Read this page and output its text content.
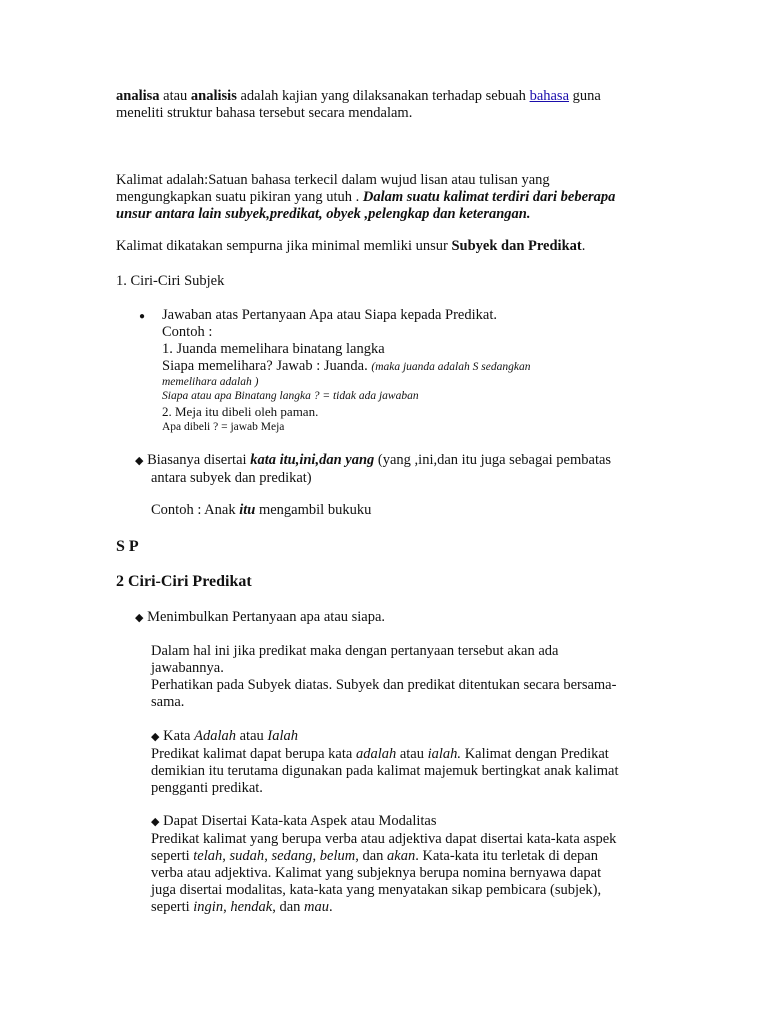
analisa atau analisis adalah kajian yang dilaksanakan terhadap sebuah bahasa guna
meneliti struktur bahasa tersebut secara mendalam.

Kalimat adalah:Satuan bahasa terkecil dalam wujud lisan atau tulisan yang
mengungkapkan suatu pikiran yang utuh . Dalam suatu kalimat terdiri dari beberapa
unsur antara lain subyek,predikat, obyek ,pelengkap dan keterangan.

Kalimat dikatakan sempurna jika minimal memliki unsur Subyek dan Predikat.

1. Ciri-Ciri Subjek

● Jawaban atas Pertanyaan Apa atau Siapa kepada Predikat.
Contoh :
1. Juanda memelihara binatang langka
Siapa memelihara? Jawab : Juanda. (maka juanda adalah S sedangkan
memelihara adalah )
Siapa atau apa Binatang langka ? = tidak ada jawaban
2. Meja itu dibeli oleh paman.
Apa dibeli ? = jawab Meja
◆ Biasanya disertai kata itu,ini,dan yang (yang ,ini,dan itu juga sebagai pembatas
antara subyek dan predikat)

Contoh : Anak itu mengambil bukuku

S P

2 Ciri-Ciri Predikat

◆ Menimbulkan Pertanyaan apa atau siapa.

Dalam hal ini jika predikat maka dengan pertanyaan tersebut akan ada
jawabannya.
Perhatikan pada Subyek diatas. Subyek dan predikat ditentukan secara bersama-
sama.
◆ Kata Adalah atau Ialah
Predikat kalimat dapat berupa kata adalah atau ialah. Kalimat dengan Predikat
demikian itu terutama digunakan pada kalimat majemuk bertingkat anak kalimat
pengganti predikat.
◆ Dapat Disertai Kata-kata Aspek atau Modalitas
Predikat kalimat yang berupa verba atau adjektiva dapat disertai kata-kata aspek
seperti telah, sudah, sedang, belum, dan akan. Kata-kata itu terletak di depan
verba atau adjektiva. Kalimat yang subjeknya berupa nomina bernyawa dapat
juga disertai modalitas, kata-kata yang menyatakan sikap pembicara (subjek),
seperti ingin, hendak, dan mau.
